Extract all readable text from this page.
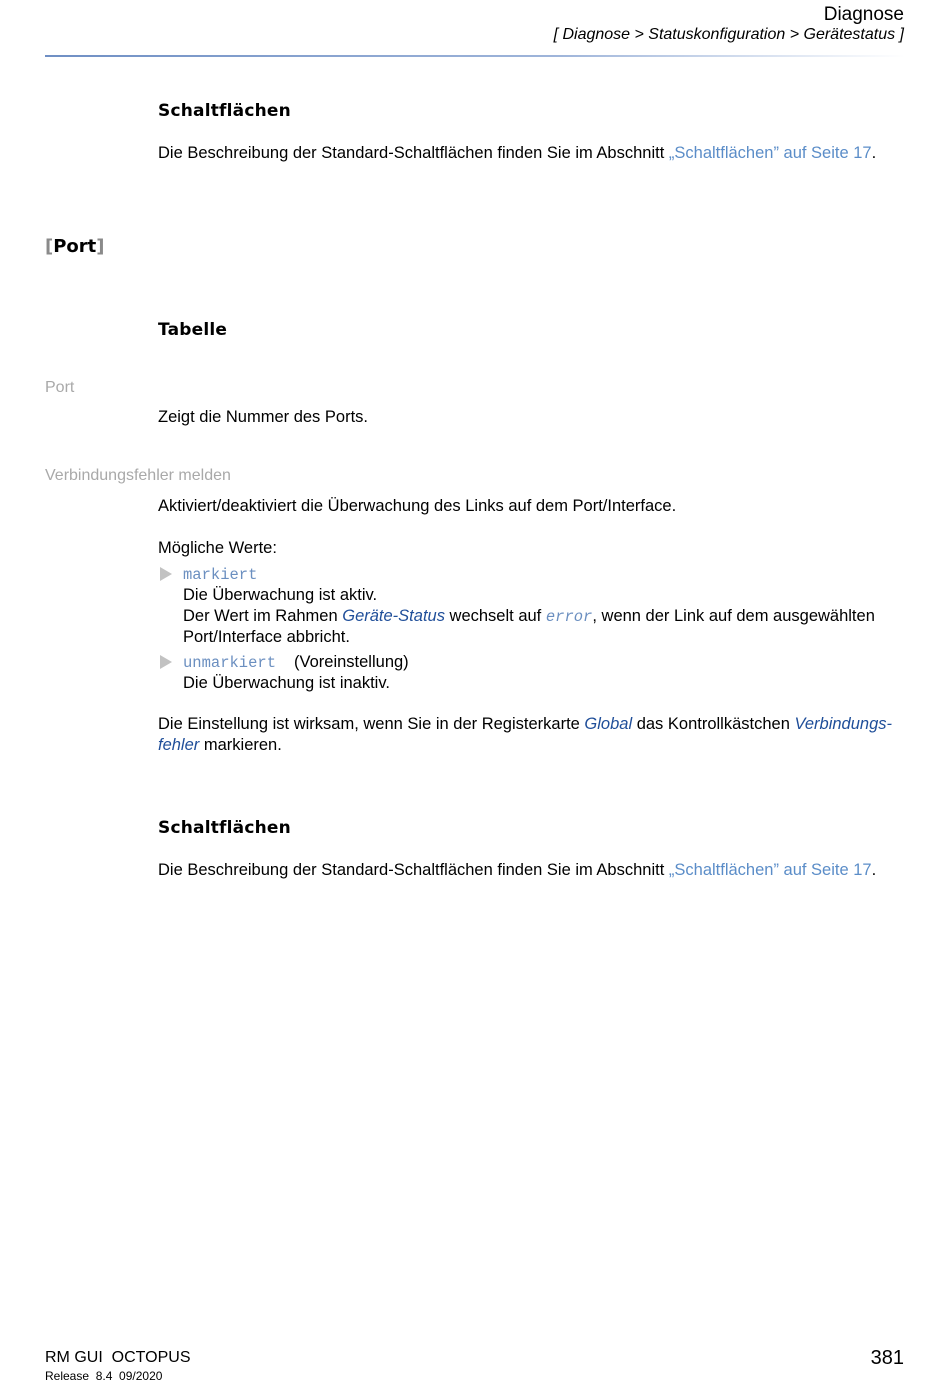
Diagnose
[ Diagnose > Statuskonfiguration > Gerätestatus ]
Schaltflächen
Die Beschreibung der Standard-Schaltflächen finden Sie im Abschnitt „Schaltflächen” auf Seite 17.
[Port]
Tabelle
Port
Zeigt die Nummer des Ports.
Verbindungsfehler melden
Aktiviert/deaktiviert die Überwachung des Links auf dem Port/Interface.
Mögliche Werte:
markiert
Die Überwachung ist aktiv.
Der Wert im Rahmen Geräte-Status wechselt auf error, wenn der Link auf dem ausgewählten
Port/Interface abbricht.
unmarkiert (Voreinstellung)
Die Überwachung ist inaktiv.
Die Einstellung ist wirksam, wenn Sie in der Registerkarte Global das Kontrollkästchen Verbindungs-
fehler markieren.
Schaltflächen
Die Beschreibung der Standard-Schaltflächen finden Sie im Abschnitt „Schaltflächen” auf Seite 17.
RM GUI  OCTOPUS
Release  8.4  09/2020
381
